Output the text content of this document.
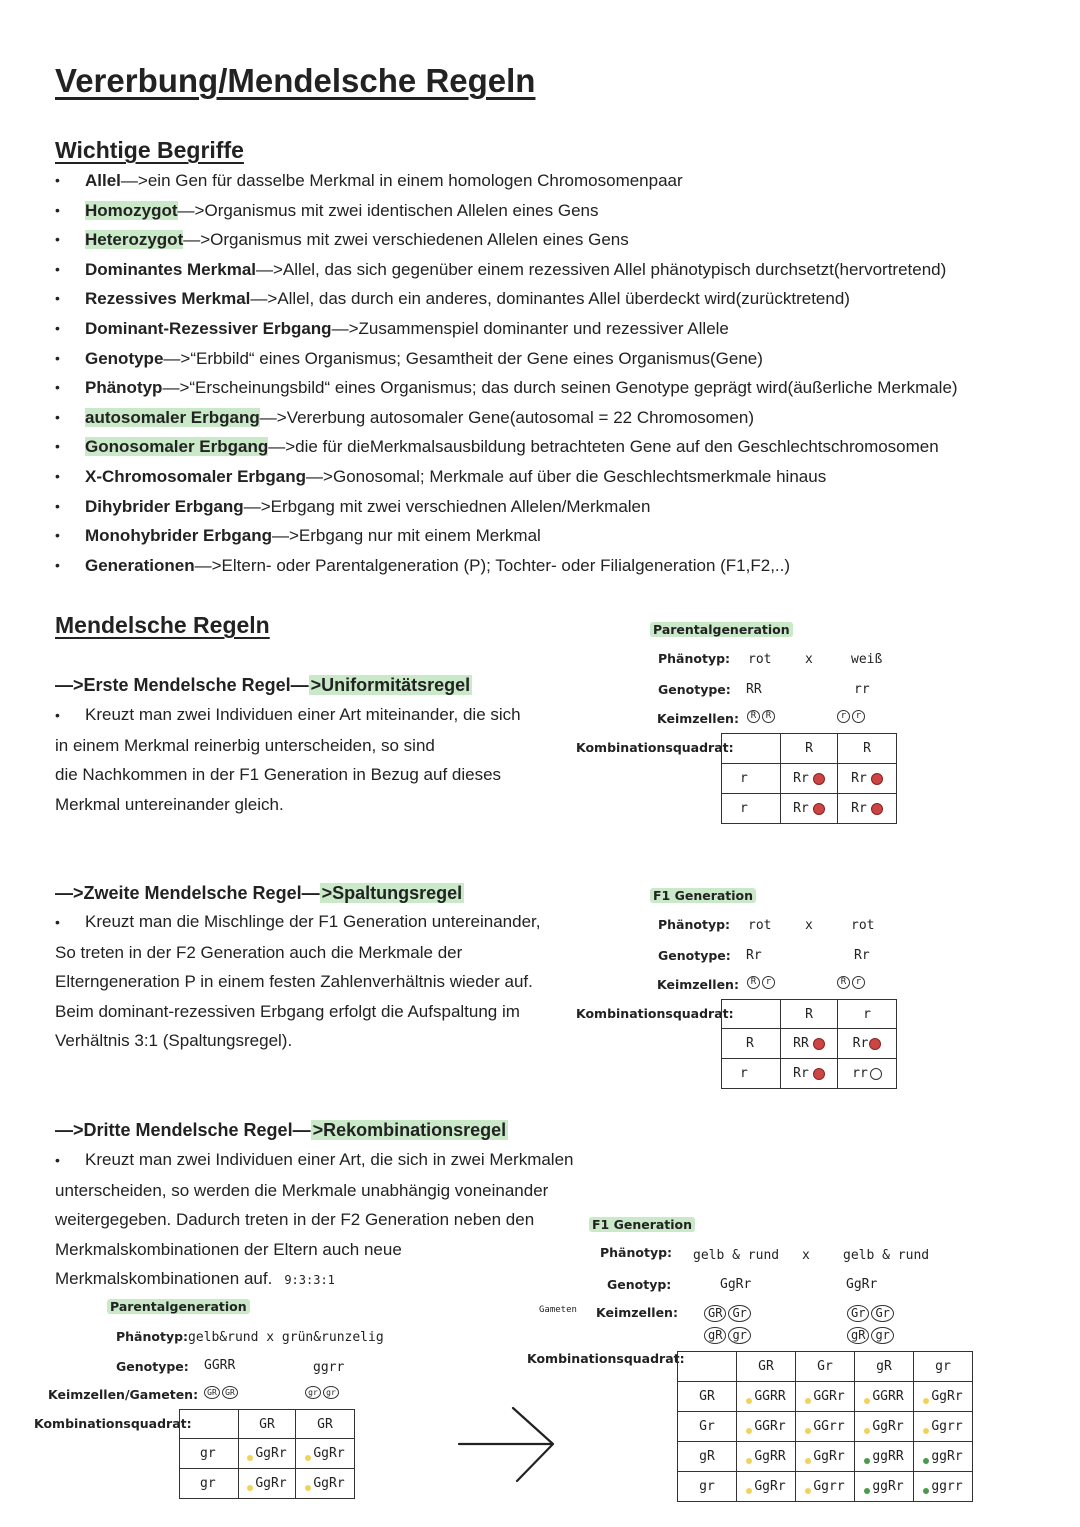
Vererbung/Mendelsche Regeln
Wichtige Begriffe
• Allel—>ein Gen für dasselbe Merkmal in einem homologen Chromosomenpaar
• Homozygot—>Organismus mit zwei identischen Allelen eines Gens
• Heterozygot—>Organismus mit zwei verschiedenen Allelen eines Gens
• Dominantes Merkmal—>Allel, das sich gegenüber einem rezessiven Allel phänotypisch durchsetzt(hervortretend)
• Rezessives Merkmal—>Allel, das durch ein anderes, dominantes Allel überdeckt wird(zurücktretend)
• Dominant-Rezessiver Erbgang—>Zusammenspiel dominanter und rezessiver Allele
• Genotype—>“Erbbild“ eines Organismus; Gesamtheit der Gene eines Organismus(Gene)
• Phänotyp—>“Erscheinungsbild“ eines Organismus; das durch seinen Genotype geprägt wird(äußerliche Merkmale)
• autosomaler Erbgang—>Vererbung autosomaler Gene(autosomal = 22 Chromosomen)
• Gonosomaler Erbgang—>die für dieMerkmalsausbildung betrachteten Gene auf den Geschlechtschromosomen
• X-Chromosomaler Erbgang—>Gonosomal; Merkmale auf über die Geschlechtsmerkmale hinaus
• Dihybrider Erbgang—>Erbgang mit zwei verschiednen Allelen/Merkmalen
• Monohybrider Erbgang—>Erbgang nur mit einem Merkmal
• Generationen—>Eltern- oder Parentalgeneration (P); Tochter- oder Filialgeneration (F1,F2,..)
Mendelsche Regeln
—>Erste Mendelsche Regel— >Uniformitätsregel
• Kreuzt man zwei Individuen einer Art miteinander, die sich
in einem Merkmal reinerbig unterscheiden, so sind
die Nachkommen in der F1 Generation in Bezug auf dieses
Merkmal untereinander gleich.
Parentalgeneration
Phänotyp: rot	x	weiß
Genotype: RR	rr
Keimzellen:	R R	r r
Kombinationsquadrat:
		R	R
r	Rr	Rr
r	Rr	Rr
—>Zweite Mendelsche Regel— >Spaltungsregel
• Kreuzt man die Mischlinge der F1 Generation untereinander,
So treten in der F2 Generation auch die Merkmale der
Elterngeneration P in einem festen Zahlenverhältnis wieder auf.
Beim dominant-rezessiven Erbgang erfolgt die Aufspaltung im
Verhältnis 3:1 (Spaltungsregel).
F1 Generation
Phänotyp: rot	x	rot
Genotype: Rr	Rr
Keimzellen:	R r	R r
Kombinationsquadrat:
		R	r
R	RR	Rr
r	Rr	rr
—>Dritte Mendelsche Regel— >Rekombinationsregel
• Kreuzt man zwei Individuen einer Art, die sich in zwei Merkmalen
unterscheiden, so werden die Merkmale unabhängig voneinander
weitergegeben. Dadurch treten in der F2 Generation neben den
Merkmalskombinationen der Eltern auch neue
Merkmalskombinationen auf. 9:3:3:1
Parentalgeneration
Phänotyp: gelb&rund x grün&runzelig
Genotype: GGRR	ggrr
Keimzellen/Gameten:	GR GR	gr gr
Kombinationsquadrat:
		GR	GR
gr	GgRr	GgRr
gr	GgRr	GgRr
F1 Generation
Phänotyp: gelb & rund x	gelb & rund
Genotyp:	GgRr	GgRr
Gameten Keimzellen:	GR Gr
gR gr
Gr Gr
gR gr
Kombinationsquadrat:
	GR	Gr	gR	gr
GR	GGRR	GGRr	GGRR	GgRr
Gr	GGRr	GGrr	GgRr	Ggrr
gR	GgRR	GgRr	ggRR	ggRr
gr	GgRr	Ggrr	ggRr	ggrr
